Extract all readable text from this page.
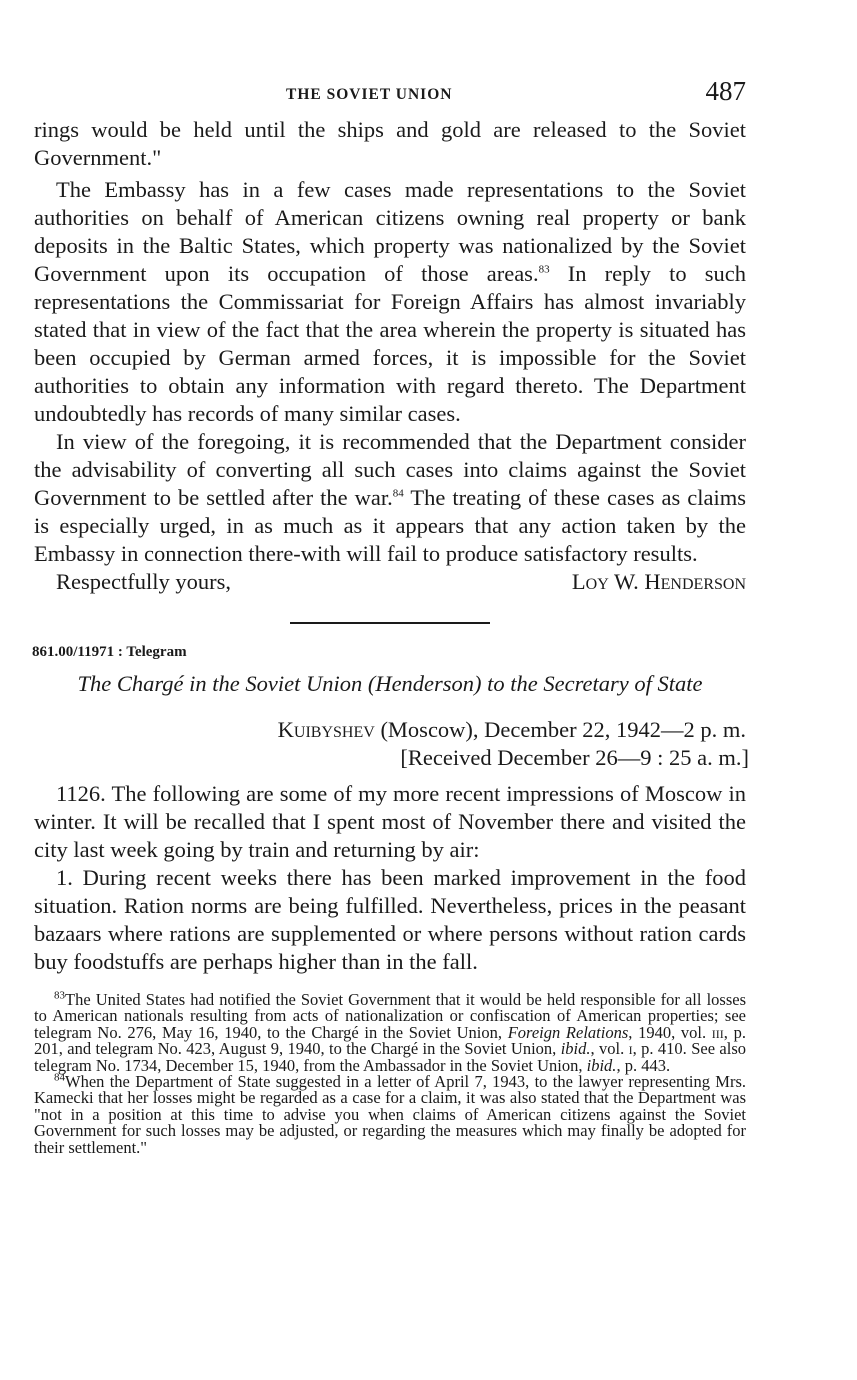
THE SOVIET UNION	487

rings would be held until the ships and gold are released to the Soviet Government."

The Embassy has in a few cases made representations to the Soviet authorities on behalf of American citizens owning real property or bank deposits in the Baltic States, which property was nationalized by the Soviet Government upon its occupation of those areas.$^{83}$ In reply to such representations the Commissariat for Foreign Affairs has almost invariably stated that in view of the fact that the area wherein the property is situated has been occupied by German armed forces, it is impossible for the Soviet authorities to obtain any information with regard thereto. The Department undoubtedly has records of many similar cases.

In view of the foregoing, it is recommended that the Department consider the advisability of converting all such cases into claims against the Soviet Government to be settled after the war.$^{84}$ The treating of these cases as claims is especially urged, in as much as it appears that any action taken by the Embassy in connection there-with will fail to produce satisfactory results.

Respectfully yours,	Loy W. Henderson
861.00/11971 : Telegram
The Chargé in the Soviet Union (Henderson) to the Secretary of State
Kuibyshev (Moscow), December 22, 1942—2 p. m.
[Received December 26—9 : 25 a. m.]

1126. The following are some of my more recent impressions of Moscow in winter. It will be recalled that I spent most of November there and visited the city last week going by train and returning by air:

1. During recent weeks there has been marked improvement in the food situation. Ration norms are being fulfilled. Nevertheless, prices in the peasant bazaars where rations are supplemented or where persons without ration cards buy foodstuffs are perhaps higher than in the fall.

$^{83}$The United States had notified the Soviet Government that it would be held responsible for all losses to American nationals resulting from acts of nationalization or confiscation of American properties; see telegram No. 276, May 16, 1940, to the Chargé in the Soviet Union, Foreign Relations, 1940, vol. iii, p. 201, and telegram No. 423, August 9, 1940, to the Chargé in the Soviet Union, ibid., vol. i, p. 410. See also telegram No. 1734, December 15, 1940, from the Ambassador in the Soviet Union, ibid., p. 443.

$^{84}$When the Department of State suggested in a letter of April 7, 1943, to the lawyer representing Mrs. Kamecki that her losses might be regarded as a case for a claim, it was also stated that the Department was "not in a position at this time to advise you when claims of American citizens against the Soviet Government for such losses may be adjusted, or regarding the measures which may finally be adopted for their settlement."
